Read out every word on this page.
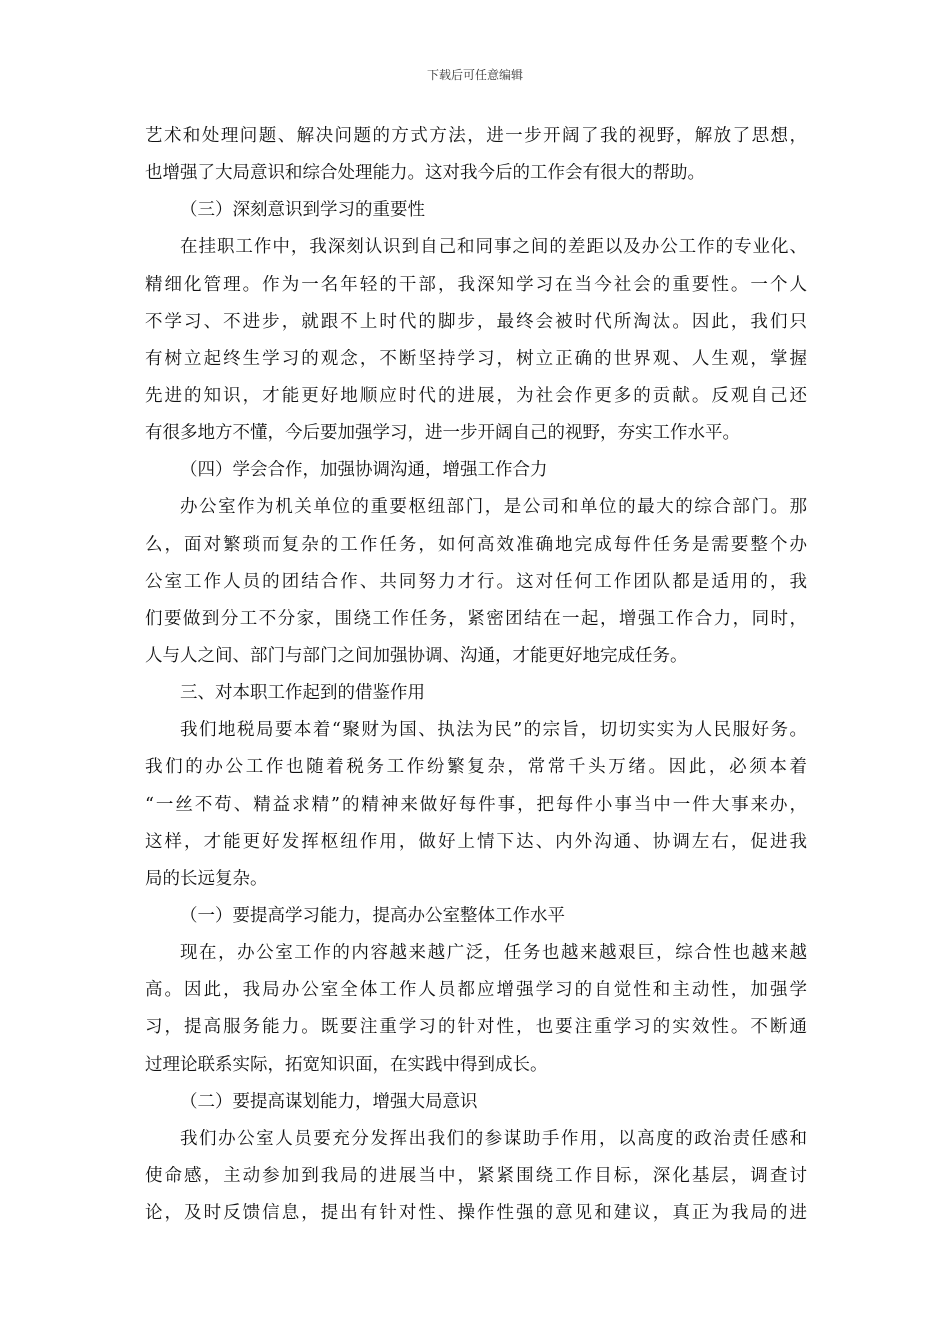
下载后可任意编辑
艺术和处理问题、解决问题的方式方法，进一步开阔了我的视野，解放了思想，
也增强了大局意识和综合处理能力。这对我今后的工作会有很大的帮助。
（三）深刻意识到学习的重要性
在挂职工作中，我深刻认识到自己和同事之间的差距以及办公工作的专业化、
精细化管理。作为一名年轻的干部，我深知学习在当今社会的重要性。一个人
不学习、不进步，就跟不上时代的脚步，最终会被时代所淘汰。因此，我们只
有树立起终生学习的观念，不断坚持学习，树立正确的世界观、人生观，掌握
先进的知识，才能更好地顺应时代的进展，为社会作更多的贡献。反观自己还
有很多地方不懂，今后要加强学习，进一步开阔自己的视野，夯实工作水平。
（四）学会合作，加强协调沟通，增强工作合力
办公室作为机关单位的重要枢纽部门，是公司和单位的最大的综合部门。那
么，面对繁琐而复杂的工作任务，如何高效准确地完成每件任务是需要整个办
公室工作人员的团结合作、共同努力才行。这对任何工作团队都是适用的，我
们要做到分工不分家，围绕工作任务，紧密团结在一起，增强工作合力，同时，
人与人之间、部门与部门之间加强协调、沟通，才能更好地完成任务。
三、对本职工作起到的借鉴作用
我们地税局要本着“聚财为国、执法为民”的宗旨，切切实实为人民服好务。
我们的办公工作也随着税务工作纷繁复杂，常常千头万绪。因此，必须本着
“一丝不苟、精益求精”的精神来做好每件事，把每件小事当中一件大事来办，
这样，才能更好发挥枢纽作用，做好上情下达、内外沟通、协调左右，促进我
局的长远复杂。
（一）要提高学习能力，提高办公室整体工作水平
现在，办公室工作的内容越来越广泛，任务也越来越艰巨，综合性也越来越
高。因此，我局办公室全体工作人员都应增强学习的自觉性和主动性，加强学
习，提高服务能力。既要注重学习的针对性，也要注重学习的实效性。不断通
过理论联系实际，拓宽知识面，在实践中得到成长。
（二）要提高谋划能力，增强大局意识
我们办公室人员要充分发挥出我们的参谋助手作用，以高度的政治责任感和
使命感，主动参加到我局的进展当中，紧紧围绕工作目标，深化基层，调查讨
论，及时反馈信息，提出有针对性、操作性强的意见和建议，真正为我局的进
